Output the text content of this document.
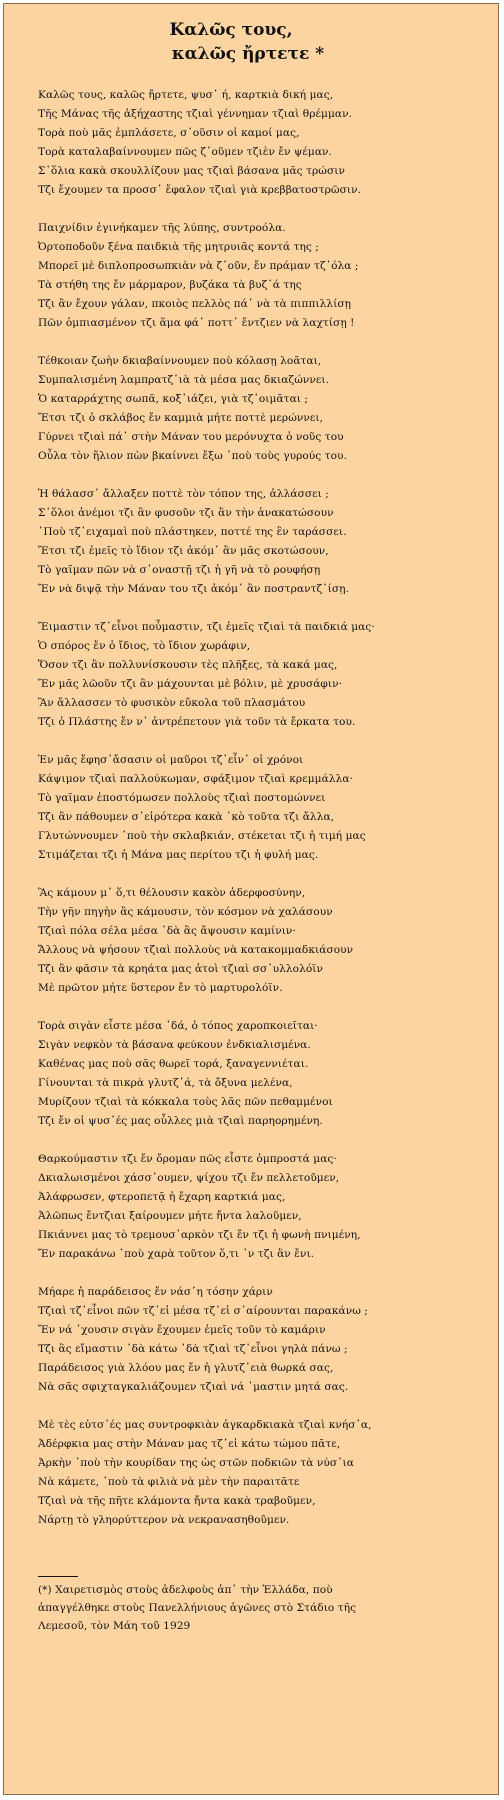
Καλῶς τους,
καλῶς ἤρτετε *
Καλῶς τους, καλῶς ἤρτετε, ψυσ᾿ ή, καρτκιὰ δική μας,
Τῆς Μάνας τῆς ἀξήχαστης τζιαὶ γέννημαν τζιαὶ θρέμμαν.
Τορὰ ποὺ μᾶς ἐμπλάσετε, σ᾿οῦσιν οἱ καμοί μας,
Τορὰ καταλαβαίννουμεν πῶς ζ᾿οῦμεν τζιὲν ἔν ψέμαν.
Σ᾿ὅλια κακὰ σκουλλίζουν μας τζιαὶ βάσανα μᾶς τρώσιν
Τζι ἔχουμεν τα προσσ᾿ ἔφαλον τζιαὶ γιὰ κρεββατοστρῶσιν.
Παιχνίδιν ἐγινήκαμεν τῆς λύπης, συντροόλα.
Ὀρτοποδοῦν ξένα παιδκιὰ τῆς μητρυιᾶς κοντά της ;
Μπορεῖ μὲ διπλοπροσωπκιὰν νὰ ζ᾿οῦν, ἔν πράμαν τζ᾿όλα ;
Τὰ στήθη της ἔν μάρμαρον, βυζάκα τὰ βυζ᾿ά της
Τζι ἂν ἔχουν γάλαν, πκοιὸς πελλὸς πά᾿ νὰ τὰ πιππιλλίσῃ
Πῶν ὀμπιασμένον τζι ἅμα φά᾿ ποττ᾿ ἔντζιεν νὰ λαχτίσῃ !
Τέθκοιαν ζωὴν δκιαβαίννουμεν ποὺ κόλασῃ λοᾶται,
Συμπαλισμένη λαμπρατζ᾿ιὰ τὰ μέσα μας δκιαζώννει.
Ὁ καταρράχτης σωπᾶ, κοξ᾿ιάζει, γιὰ τζ᾿οιμᾶται ;
Ἔτσι τζι ὁ σκλάβος ἔν καμμιὰ μήτε ποττὲ μερώννει,
Γύρνει τζιαὶ πά᾿ στὴν Μάναν του μερόνυχτα ὁ νοῦς του
Οὖλα τὸν ἥλιον πὼν βκαίννει ἔξω ᾿ποὺ τοὺς γυρούς του.
Ἡ θάλασσ᾿ ἄλλαξεν ποττὲ τὸν τόπον της, ἀλλάσσει ;
Σ᾿ὅλοι ἀνέμοι τζι ἂν φυσοῦν τζι ἂν τὴν ἀνακατώσουν
᾿Ποὺ τζ᾿ειχαμαὶ ποὺ πλάστηκεν, ποττέ της ἒν ταράσσει.
Ἔτσι τζι ἐμεῖς τὸ ἴδιον τζι ἀκόμ᾿ ἂν μᾶς σκοτώσουν,
Τὸ γαῖμαν πῶν νὰ σ᾿οναστῇ τζι ἡ γῆ νὰ τὸ ρουφήσῃ
Ἔν νὰ διψᾷ τὴν Μάναν του τζι ἀκόμ᾿ ἂν ποστραντζ᾿ίσῃ.
Ἔιμαστιν τζ᾿εἶνοι ποὖμαστιν, τζι ἐμεῖς τζιαὶ τὰ παιδκιά μας·
Ὁ σπόρος ἔν ὁ ἴδιος, τὸ ἴδιον χωράφιν,
Ὅσον τζι ἂν πολλυνίσκουσιν τὲς πλῆξες, τὰ κακά μας,
Ἔν μᾶς λῶοῦν τζι ἂν μάχουνται μὲ βόλιν, μὲ χρυσάφιν·
Ἂν ἄλλασσεν τὸ φυσικὸν εὔκολα τοῦ πλασμάτου
Τζι ὁ Πλάστης ἔν ν᾿ ἀντρέπετουν γιὰ τοῦν τὰ ἔρκατα του.
Ἐν μᾶς ἔφησ᾿ἄσασιν οἱ μαῦροι τζ᾿εἶν᾿ οἱ χρόνοι
Κάψιμον τζιαὶ παλλούκωμαν, σφάξιμον τζιαὶ κρεμμάλλα·
Τὸ γαῖμαν ἐποστόμωσεν πολλοὺς τζιαὶ ποστομώννει
Τζι ἂν πάθουμεν σ᾿εἰρότερα κακὰ ᾿κὸ τοῦτα τζι ἄλλα,
Γλυτώννουμεν ᾿ποὺ τὴν σκλαβκιάν, στέκεται τζι ἡ τιμή μας
Στιμάζεται τζι ἡ Μάνα μας περίτου τζι ἡ φυλή μας.
Ἂς κάμουν μ᾿ ὅ,τι θέλουσιν κακὸν ἀδερφοσύνην,
Τὴν γῆν πηγὴν ἂς κάμουσιν, τὸν κόσμον νὰ χαλάσουν
Τζιαὶ πόλα σέλα μέσα ᾿δὰ ἂς ἄψουσιν καμίνιν·
Ἄλλους νὰ ψήσουν τζιαὶ πολλοὺς νὰ κατακομμαδκιάσουν
Τζι ἂν φᾶσιν τὰ κρηάτα μας ἀτοὶ τζιαὶ σσ᾿υλλολόϊν
Μὲ πρῶτον μήτε ὕστερον ἔν τὸ μαρτυρολόϊν.
Τορὰ σιγὰν εἶστε μέσα ᾿δά, ὁ τόπος χαροπκοιεῖται·
Σιγὰν νεφκὸν τὰ βάσανα φεύκουν ἐνδκιαλισμένα.
Καθένας μας ποὺ σᾶς θωρεῖ τορά, ξαναγεννιέται.
Γίνουνται τὰ πικρὰ γλυτζ᾿ά, τὰ ὄξυνα μελένα,
Μυρίζουν τζιαὶ τὰ κόκκαλα τοὺς λᾶς πῶν πεθαμμένοι
Τζι ἔν οἱ ψυσ᾿ές μας οὖλλες μιὰ τζιαὶ παρηορημένη.
Θαρκούμαστιν τζι ἔν ὄρομαν πῶς εἶστε ὀμπροστά μας·
Δκιαλωισμένοι χάσσ᾿ουμεν, ψίχου τζι ἔν πελλετοῦμεν,
Ἀλάφρωσεν, φτεροπετᾷ ἡ ἔχαρη καρτκιά μας,
Ἀλῶπως ἔντζιαι ξαίρουμεν μήτε ἤντα λαλοῦμεν,
Πκιάννει μας τὸ τρεμουσ᾿αρκὸν τζι ἔν τζι ἡ φωνὴ πνιμένη,
Ἔν παρακάνω ᾿ποὺ χαρὰ τοῦτον ὅ,τι ᾿ν τζι ἂν ἔνι.
Μήαρε ἡ παράδεισος ἔν νάσ᾿η τόσην χάριν
Τζιαὶ τζ᾿εἶνοι πῶν τζ᾿εἰ μέσα τζ᾿εἰ σ᾿αίρουνται παρακάνω ;
Ἔν νά ᾿χουσιν σιγὰν ἔχουμεν ἐμεῖς τοῦν τὸ καμάριν
Τζι ἂς εἴμαστιν ᾿δὰ κάτω ᾿δὰ τζιαὶ τζ᾿εἶνοι γηλὰ πάνω ;
Παράδεισος γιὰ λλόου μας ἔν ἡ γλυτζ᾿ειὰ θωρκά σας,
Νὰ σᾶς σφιχταγκαλιάζουμεν τζιαὶ νά ᾿μαστιν μητά σας.
Μὲ τὲς εὐτσ᾿ές μας συντροφκιὰν ἀγκαρδκιακὰ τζιαὶ κνήσ᾿α,
Ἀδέρφκια μας στὴν Μάναν μας τζ᾿εἰ κάτω τώμου πᾶτε,
Ἀρκὴν ᾿ποὺ τὴν κουρίδαν της ὡς στῶν ποδκιῶν τὰ νύσ᾿ια
Νὰ κάμετε, ᾿ποὺ τὰ φιλιὰ νὰ μὲν τὴν παραιτᾶτε
Τζιαὶ νὰ τῆς πῆτε κλάμοντα ἤντα κακὰ τραβοῦμεν,
Νάρτῃ τὸ γληορύττερον νὰ νεκρανασηθοῦμεν.
(*) Χαιρετισμὸς στοὺς ἀδελφοὺς ἀπ᾿ τὴν Ἑλλάδα, ποὺ
ἀπαγγέλθηκε στοὺς Πανελλήνιους ἀγῶνες στὸ Στάδιο τῆς
Λεμεσοῦ, τὸν Μάη τοῦ 1929
